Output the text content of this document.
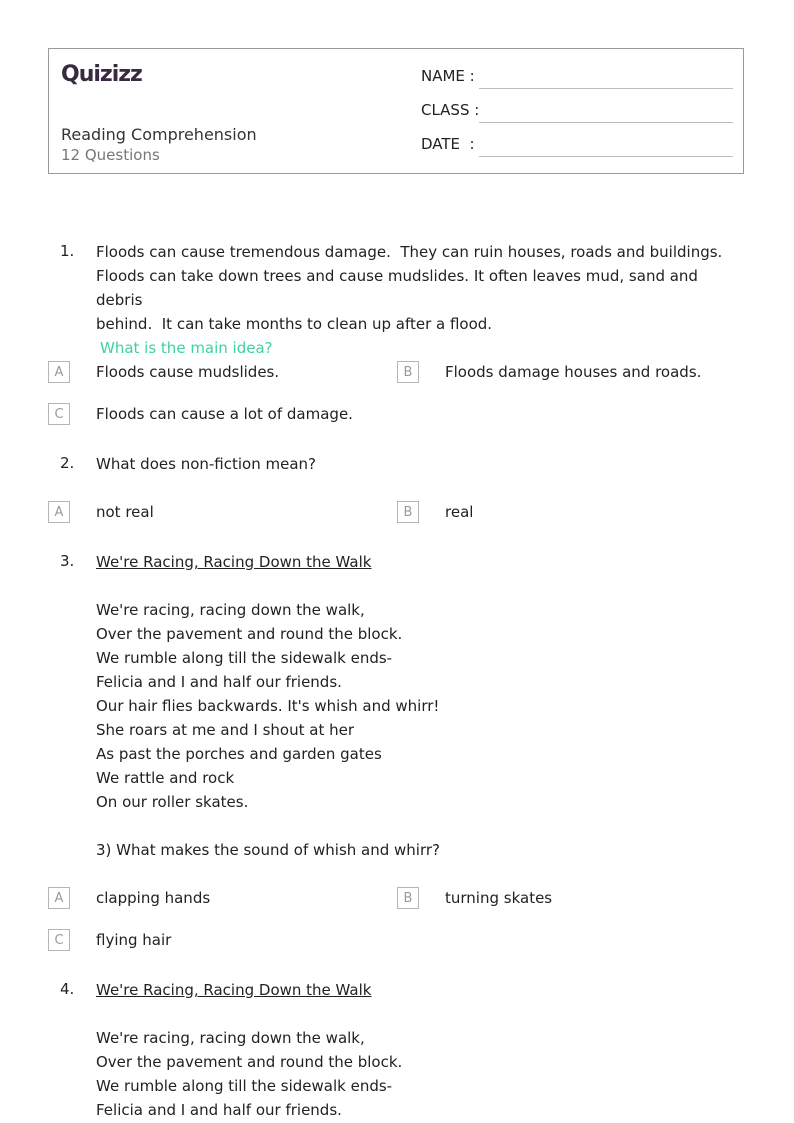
Quizizz
Reading Comprehension
12 Questions
NAME :
CLASS :
DATE  :
1. Floods can cause tremendous damage.  They can ruin houses, roads and buildings.

Floods can take down trees and cause mudslides. It often leaves mud, sand and debris

behind.  It can take months to clean up after a flood.

What is the main idea?

A	Floods cause mudslides.	B	Floods damage houses and roads.
C	Floods can cause a lot of damage.
2. What does non-fiction mean?
A	not real	B	real
3. We're Racing, Racing Down the Walk

We're racing, racing down the walk,

Over the pavement and round the block.

We rumble along till the sidewalk ends-

Felicia and I and half our friends.

Our hair flies backwards. It's whish and whirr!

She roars at me and I shout at her

As past the porches and garden gates

We rattle and rock

On our roller skates.

3) What makes the sound of whish and whirr?

A	clapping hands	B	turning skates
C	flying hair
4. We're Racing, Racing Down the Walk

We're racing, racing down the walk,

Over the pavement and round the block.

We rumble along till the sidewalk ends-

Felicia and I and half our friends.
